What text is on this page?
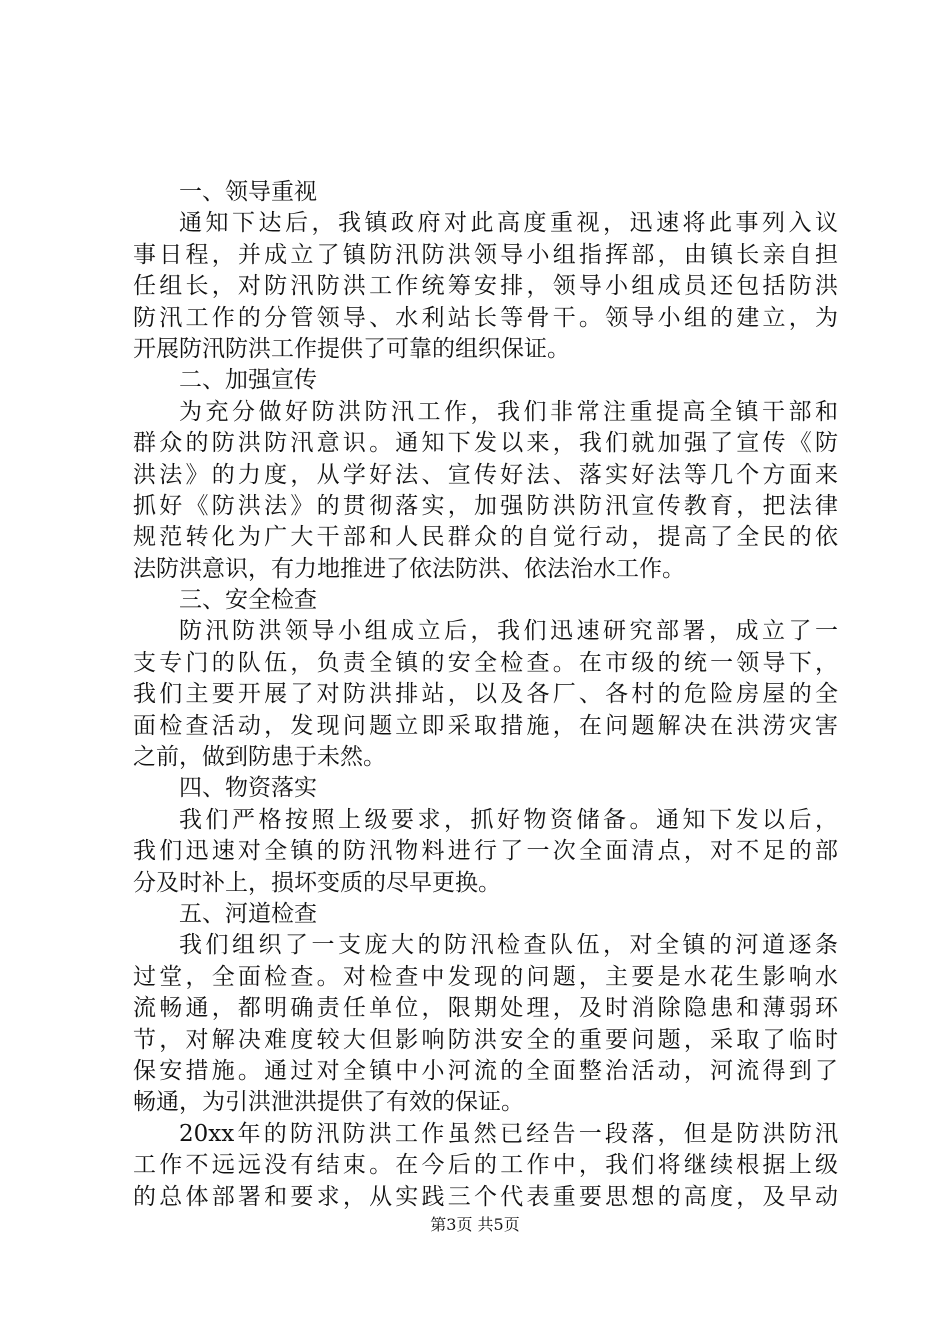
一、领导重视
通知下达后，我镇政府对此高度重视，迅速将此事列入议
事日程，并成立了镇防汛防洪领导小组指挥部，由镇长亲自担
任组长，对防汛防洪工作统筹安排，领导小组成员还包括防洪
防汛工作的分管领导、水利站长等骨干。领导小组的建立，为
开展防汛防洪工作提供了可靠的组织保证。
二、加强宣传
为充分做好防洪防汛工作，我们非常注重提高全镇干部和
群众的防洪防汛意识。通知下发以来，我们就加强了宣传《防
洪法》的力度，从学好法、宣传好法、落实好法等几个方面来
抓好《防洪法》的贯彻落实，加强防洪防汛宣传教育，把法律
规范转化为广大干部和人民群众的自觉行动，提高了全民的依
法防洪意识，有力地推进了依法防洪、依法治水工作。
三、安全检查
防汛防洪领导小组成立后，我们迅速研究部署，成立了一
支专门的队伍，负责全镇的安全检查。在市级的统一领导下，
我们主要开展了对防洪排站，以及各厂、各村的危险房屋的全
面检查活动，发现问题立即采取措施，在问题解决在洪涝灾害
之前，做到防患于未然。
四、物资落实
我们严格按照上级要求，抓好物资储备。通知下发以后，
我们迅速对全镇的防汛物料进行了一次全面清点，对不足的部
分及时补上，损坏变质的尽早更换。
五、河道检查
我们组织了一支庞大的防汛检查队伍，对全镇的河道逐条
过堂，全面检查。对检查中发现的问题，主要是水花生影响水
流畅通，都明确责任单位，限期处理，及时消除隐患和薄弱环
节，对解决难度较大但影响防洪安全的重要问题，采取了临时
保安措施。通过对全镇中小河流的全面整治活动，河流得到了
畅通，为引洪泄洪提供了有效的保证。
20xx年的防汛防洪工作虽然已经告一段落，但是防洪防汛
工作不远远没有结束。在今后的工作中，我们将继续根据上级
的总体部署和要求，从实践三个代表重要思想的高度，及早动
第3页 共5页
